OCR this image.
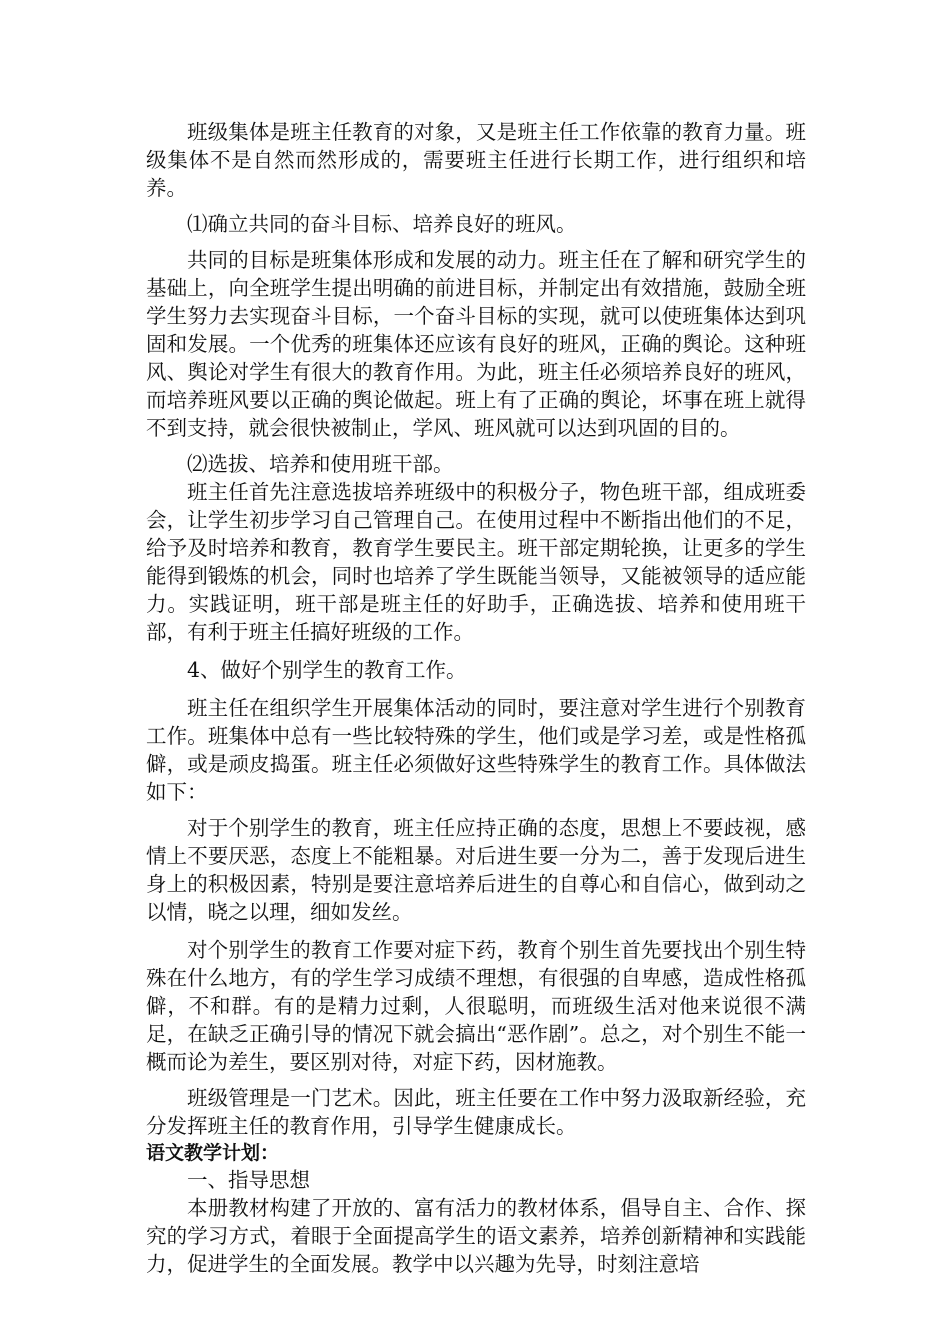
班级集体是班主任教育的对象，又是班主任工作依靠的教育力量。班级集体不是自然而然形成的，需要班主任进行长期工作，进行组织和培养。

⑴确立共同的奋斗目标、培养良好的班风。

共同的目标是班集体形成和发展的动力。班主任在了解和研究学生的基础上，向全班学生提出明确的前进目标，并制定出有效措施，鼓励全班学生努力去实现奋斗目标，一个奋斗目标的实现，就可以使班集体达到巩固和发展。一个优秀的班集体还应该有良好的班风，正确的舆论。这种班风、舆论对学生有很大的教育作用。为此，班主任必须培养良好的班风，而培养班风要以正确的舆论做起。班上有了正确的舆论，坏事在班上就得不到支持，就会很快被制止，学风、班风就可以达到巩固的目的。

⑵选拔、培养和使用班干部。

班主任首先注意选拔培养班级中的积极分子，物色班干部，组成班委会，让学生初步学习自己管理自己。在使用过程中不断指出他们的不足，给予及时培养和教育，教育学生要民主。班干部定期轮换，让更多的学生能得到锻炼的机会，同时也培养了学生既能当领导，又能被领导的适应能力。实践证明，班干部是班主任的好助手，正确选拔、培养和使用班干部，有利于班主任搞好班级的工作。

4、做好个别学生的教育工作。

班主任在组织学生开展集体活动的同时，要注意对学生进行个别教育工作。班集体中总有一些比较特殊的学生，他们或是学习差，或是性格孤僻，或是顽皮捣蛋。班主任必须做好这些特殊学生的教育工作。具体做法如下：

对于个别学生的教育，班主任应持正确的态度，思想上不要歧视，感情上不要厌恶，态度上不能粗暴。对后进生要一分为二，善于发现后进生身上的积极因素，特别是要注意培养后进生的自尊心和自信心，做到动之以情，晓之以理，细如发丝。

对个别学生的教育工作要对症下药，教育个别生首先要找出个别生特殊在什么地方，有的学生学习成绩不理想，有很强的自卑感，造成性格孤僻，不和群。有的是精力过剩，人很聪明，而班级生活对他来说很不满足，在缺乏正确引导的情况下就会搞出“恶作剧”。总之，对个别生不能一概而论为差生，要区别对待，对症下药，因材施教。

班级管理是一门艺术。因此，班主任要在工作中努力汲取新经验，充分发挥班主任的教育作用，引导学生健康成长。

语文教学计划：

一、指导思想

本册教材构建了开放的、富有活力的教材体系，倡导自主、合作、探究的学习方式，着眼于全面提高学生的语文素养，培养创新精神和实践能力，促进学生的全面发展。教学中以兴趣为先导，时刻注意培
